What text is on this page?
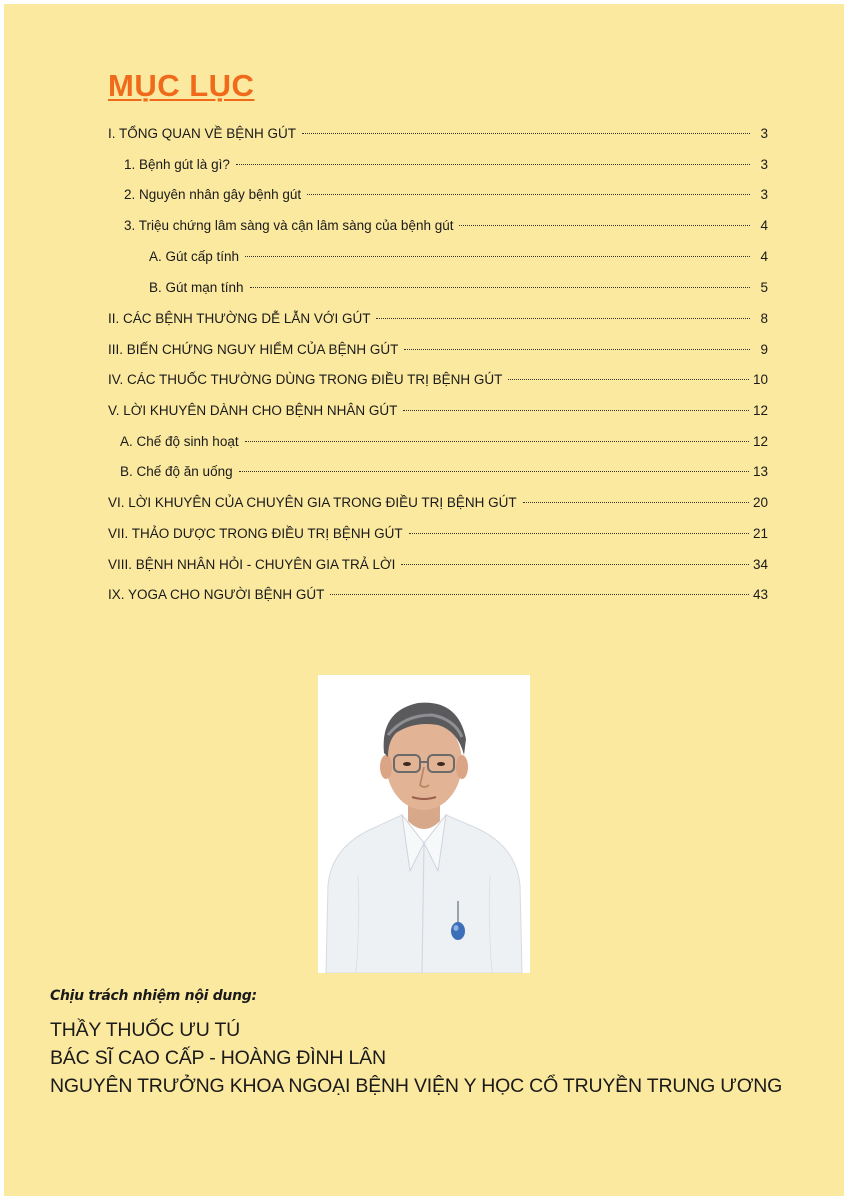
MỤC LỤC
I. TỔNG QUAN VỀ BỆNH GÚT	3
1. Bệnh gút là gì?	3
2. Nguyên nhân gây bệnh gút	3
3. Triệu chứng lâm sàng và cận lâm sàng của bệnh gút	4
A. Gút cấp tính	4
B. Gút mạn tính	5
II. CÁC BỆNH THƯỜNG DỄ LẪN VỚI GÚT	8
III. BIẾN CHỨNG NGUY HIỂM CỦA BỆNH GÚT	9
IV. CÁC THUỐC THƯỜNG DÙNG TRONG ĐIỀU TRỊ BỆNH GÚT	10
V. LỜI KHUYÊN DÀNH CHO BỆNH NHÂN GÚT	12
A. Chế độ sinh hoạt	12
B. Chế độ ăn uống	13
VI. LỜI KHUYÊN CỦA CHUYÊN GIA TRONG ĐIỀU TRỊ BỆNH GÚT	20
VII. THẢO DƯỢC TRONG ĐIỀU TRỊ BỆNH GÚT	21
VIII. BỆNH NHÂN HỎI - CHUYÊN GIA TRẢ LỜI	34
IX. YOGA CHO NGƯỜI BỆNH GÚT	43
Chịu trách nhiệm nội dung:
THẦY THUỐC ƯU TÚ
BÁC SĨ CAO CẤP - HOÀNG ĐÌNH LÂN
NGUYÊN TRƯỞNG KHOA NGOẠI BỆNH VIỆN Y HỌC CỔ TRUYỀN TRUNG ƯƠNG
